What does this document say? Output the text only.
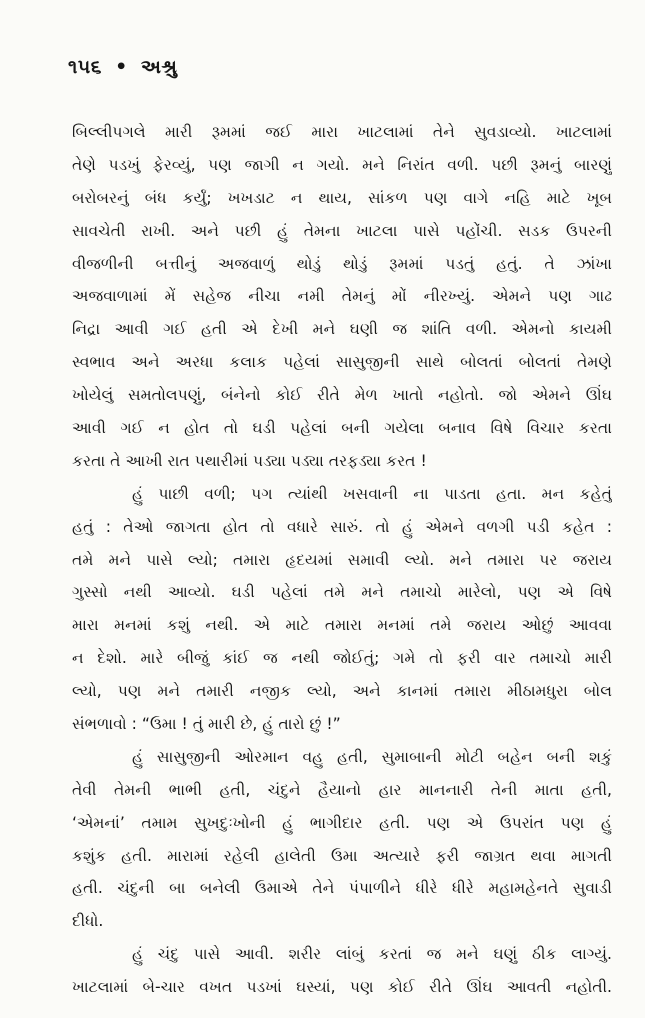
૧૫૬ • અશ્રુ
બિલ્લીપગલે મારી રૂમમાં જઈ મારા ખાટલામાં તેને સુવડાવ્યો. ખાટલામાં
તેણે પડખું ફેરવ્યું, પણ જાગી ન ગયો. મને નિરાંત વળી. પછી રૂમનું બારણું
બરોબરનું બંધ કર્યું; ખખડાટ ન થાય, સાંકળ પણ વાગે નહિ માટે ખૂબ
સાવચેતી રાખી. અને પછી હું તેમના ખાટલા પાસે પહોંચી. સડક ઉપરની
વીજળીની બત્તીનું અજવાળું થોડું થોડું રૂમમાં પડતું હતું. તે ઝાંખા
અજવાળામાં મેં સહેજ નીચા નમી તેમનું મોં નીરખ્યું. એમને પણ ગાઢ
નિદ્રા આવી ગઈ હતી એ દેખી મને ઘણી જ શાંતિ વળી. એમનો કાયમી
સ્વભાવ અને અરધા કલાક પહેલાં સાસુજીની સાથે બોલતાં બોલતાં તેમણે
ખોયેલું સમતોલપણું, બંનેનો કોઈ રીતે મેળ ખાતો નહોતો. જો એમને ઊંઘ
આવી ગઈ ન હોત તો ઘડી પહેલાં બની ગયેલા બનાવ વિષે વિચાર કરતા
કરતા તે આખી રાત પથારીમાં પડ્યા પડ્યા તરફડ્યા કરત !
હું પાછી વળી; પગ ત્યાંથી ખસવાની ના પાડતા હતા. મન કહેતું
હતું : તેઓ જાગતા હોત તો વધારે સારું. તો હું એમને વળગી પડી કહેત :
તમે મને પાસે લ્યો; તમારા હૃદયમાં સમાવી લ્યો. મને તમારા પર જરાય
ગુસ્સો નથી આવ્યો. ઘડી પહેલાં તમે મને તમાચો મારેલો, પણ એ વિષે
મારા મનમાં કશું નથી. એ માટે તમારા મનમાં તમે જરાય ઓછું આવવા
ન દેશો. મારે બીજું કાંઈ જ નથી જોઈતું; ગમે તો ફરી વાર તમાચો મારી
લ્યો, પણ મને તમારી નજીક લ્યો, અને કાનમાં તમારા મીઠામધુરા બોલ
સંભળાવો : “ઉમા ! તું મારી છે, હું તારો છું !”
હું સાસુજીની ઓરમાન વહુ હતી, સુમાબાની મોટી બહેન બની શકું
તેવી તેમની ભાભી હતી, ચંદુને હૈયાનો હાર માનનારી તેની માતા હતી,
‘એમનાં’ તમામ સુખદુઃખોની હું ભાગીદાર હતી. પણ એ ઉપરાંત પણ હું
કશુંક હતી. મારામાં રહેલી હાલેતી ઉમા અત્યારે ફરી જાગ્રત થવા માગતી
હતી. ચંદુની બા બનેલી ઉમાએ તેને પંપાળીને ધીરે ધીરે મહામહેનતે સુવાડી
દીધો.
હું ચંદુ પાસે આવી. શરીર લાંબું કરતાં જ મને ઘણું ઠીક લાગ્યું.
ખાટલામાં બે-ચાર વખત પડખાં ઘસ્યાં, પણ કોઈ રીતે ઊંઘ આવતી નહોતી.
